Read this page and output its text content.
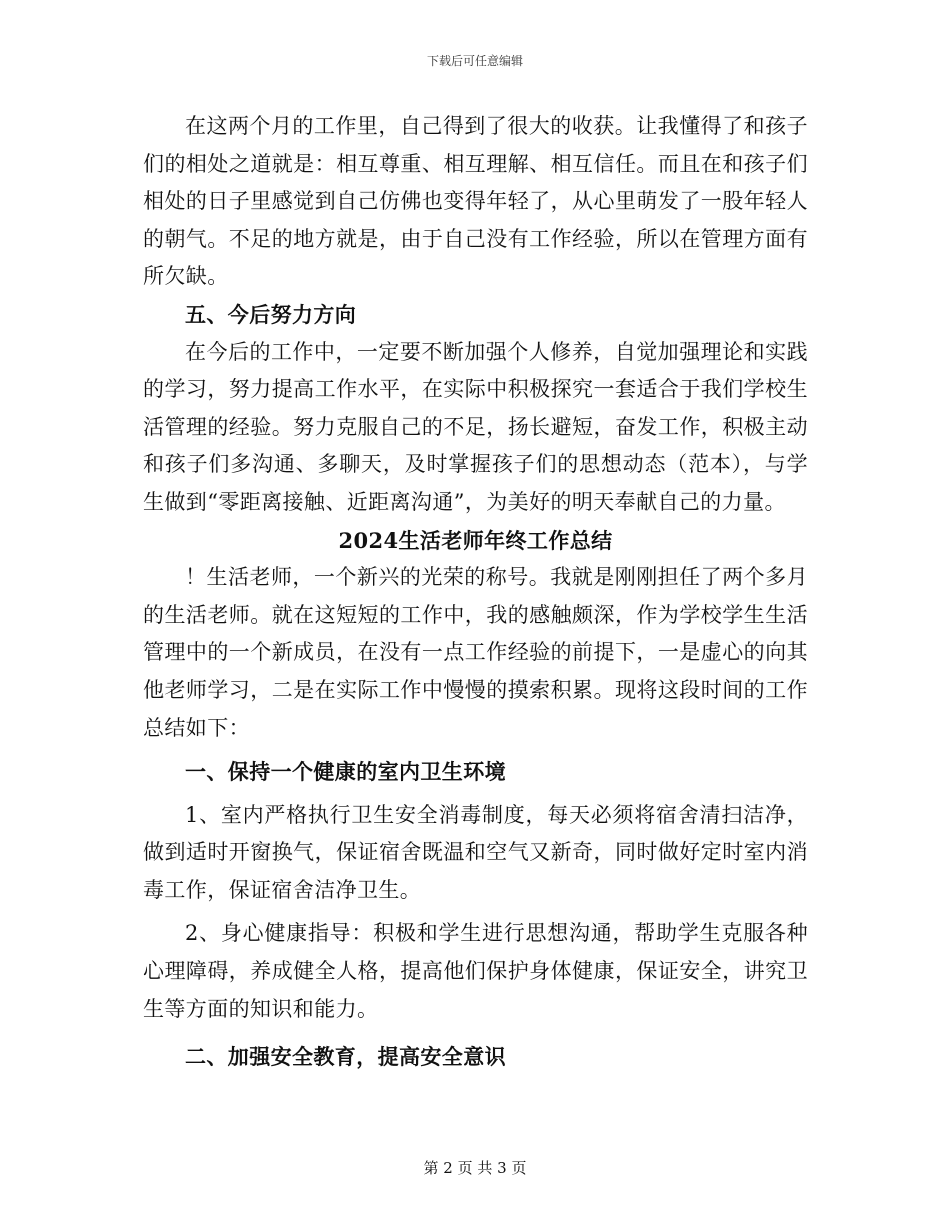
下载后可任意编辑

在这两个月的工作里，自己得到了很大的收获。让我懂得了和孩子们的相处之道就是：相互尊重、相互理解、相互信任。而且在和孩子们相处的日子里感觉到自己仿佛也变得年轻了，从心里萌发了一股年轻人的朝气。不足的地方就是，由于自己没有工作经验，所以在管理方面有所欠缺。

五、今后努力方向

在今后的工作中，一定要不断加强个人修养，自觉加强理论和实践的学习，努力提高工作水平，在实际中积极探究一套适合于我们学校生活管理的经验。努力克服自己的不足，扬长避短，奋发工作，积极主动和孩子们多沟通、多聊天，及时掌握孩子们的思想动态（范本），与学生做到“零距离接触、近距离沟通”，为美好的明天奉献自己的力量。

2024生活老师年终工作总结

！生活老师，一个新兴的光荣的称号。我就是刚刚担任了两个多月的生活老师。就在这短短的工作中，我的感触颇深，作为学校学生生活管理中的一个新成员，在没有一点工作经验的前提下，一是虚心的向其他老师学习，二是在实际工作中慢慢的摸索积累。现将这段时间的工作总结如下：

一、保持一个健康的室内卫生环境

1、室内严格执行卫生安全消毒制度，每天必须将宿舍清扫洁净，做到适时开窗换气，保证宿舍既温和空气又新奇，同时做好定时室内消毒工作，保证宿舍洁净卫生。

2、身心健康指导：积极和学生进行思想沟通，帮助学生克服各种心理障碍，养成健全人格，提高他们保护身体健康，保证安全，讲究卫生等方面的知识和能力。

二、加强安全教育，提高安全意识

第 2 页 共 3 页
